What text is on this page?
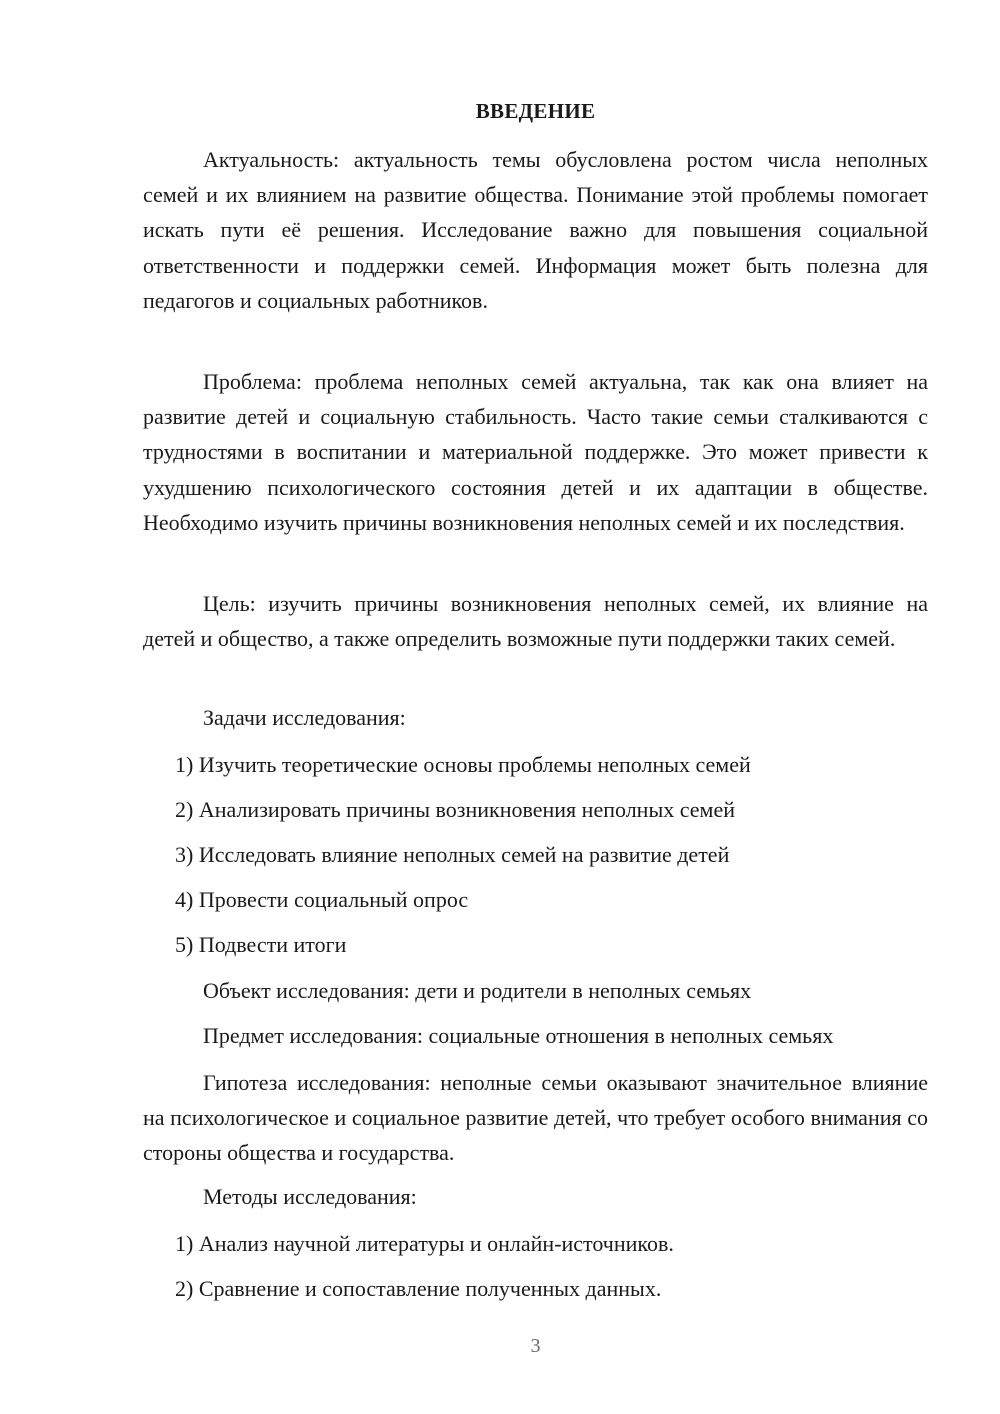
ВВЕДЕНИЕ

Актуальность: актуальность темы обусловлена ростом числа неполных семей и их влиянием на развитие общества. Понимание этой проблемы помогает искать пути её решения. Исследование важно для повышения социальной ответственности и поддержки семей. Информация может быть полезна для педагогов и социальных работников.

Проблема: проблема неполных семей актуальна, так как она влияет на развитие детей и социальную стабильность. Часто такие семьи сталкиваются с трудностями в воспитании и материальной поддержке. Это может привести к ухудшению психологического состояния детей и их адаптации в обществе. Необходимо изучить причины возникновения неполных семей и их последствия.

Цель: изучить причины возникновения неполных семей, их влияние на детей и общество, а также определить возможные пути поддержки таких семей.

Задачи исследования:

1) Изучить теоретические основы проблемы неполных семей

2) Анализировать причины возникновения неполных семей

3) Исследовать влияние неполных семей на развитие детей

4) Провести социальный опрос

5) Подвести итоги

Объект исследования: дети и родители в неполных семьях

Предмет исследования: социальные отношения в неполных семьях

Гипотеза исследования: неполные семьи оказывают значительное влияние на психологическое и социальное развитие детей, что требует особого внимания со стороны общества и государства.

Методы исследования:

1) Анализ научной литературы и онлайн-источников.

2) Сравнение и сопоставление полученных данных.

3
